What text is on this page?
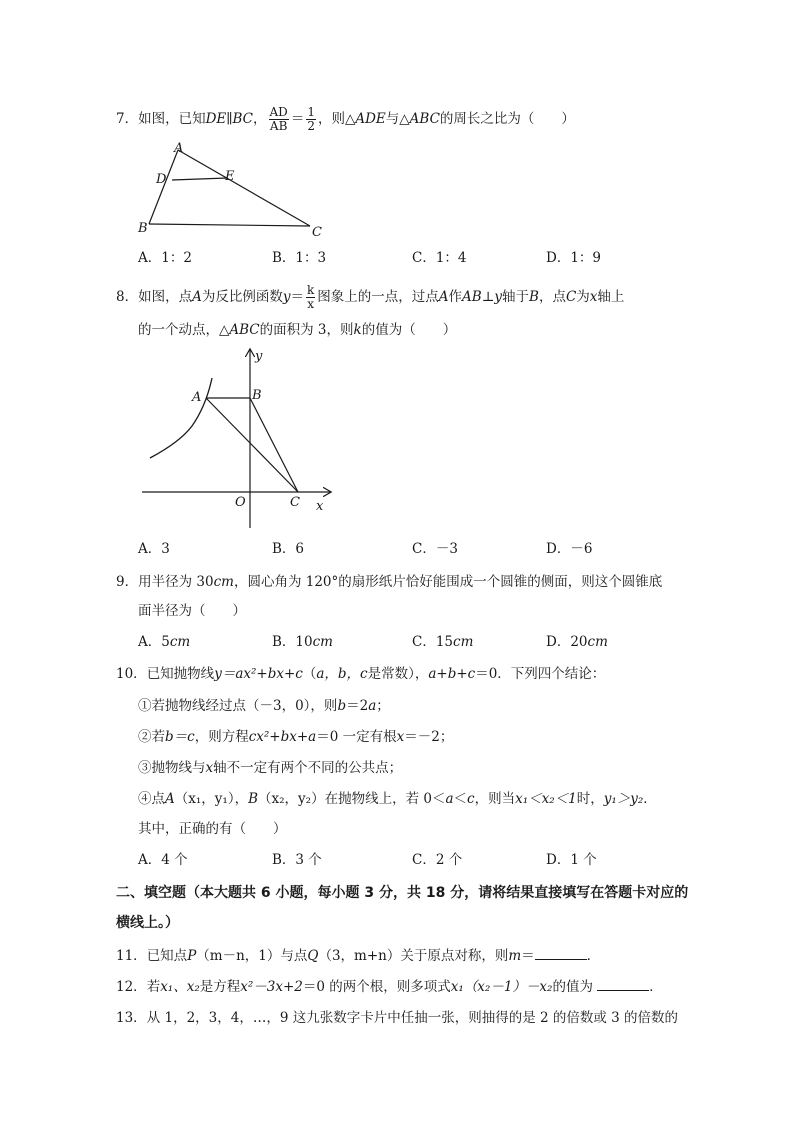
7．如图，已知DE∥BC， $\frac{AD}{AB} = \frac{1}{2}$ ，则△ADE与△ABC的周长之比为（　　）
A
D	E
B	C
A．1：2	B．1：3	C．1：4	D．1：9
8．如图，点A为反比例函数$y= \frac{k}{x}$ 图象上的一点，过点A作AB⊥y轴于B，点C为x轴上
的一个动点，△ABC的面积为 3，则k的值为（　　）
A	B
y
O	C x
A．3	B．6	C．－3	D．－6
9．用半径为 30cm，圆心角为 120°的扇形纸片恰好能围成一个圆锥的侧面，则这个圆锥底
面半径为（　　）
A．5cm	B．10cm	C．15cm	D．20cm
10．已知抛物线y＝ax²+bx+c（a，b，c是常数），a+b+c＝0．下列四个结论：
①若抛物线经过点（－3，0），则b＝2a；
②若b＝c，则方程cx²+bx+a＝0 一定有根x＝－2；
③抛物线与x轴不一定有两个不同的公共点；
④点A（x₁，y₁），B（x₂，y₂）在抛物线上，若 0＜a＜c，则当x₁＜x₂＜1时，y₁＞y₂．
其中，正确的有（　　）
A．4 个	B．3 个	C．2 个	D．1 个
二、填空题（本大题共 6 小题，每小题 3 分，共 18 分，请将结果直接填写在答题卡对应的
横线上。）
11．已知点P（m－n，1）与点Q（3，m+n）关于原点对称，则m＝	．
12．若x₁、x₂是方程x²－3x+2＝0 的两个根，则多项式x₁（x₂－1）－x₂的值为	．
13．从 1，2，3，4，…，9 这九张数字卡片中任抽一张，则抽得的是 2 的倍数或 3 的倍数的
